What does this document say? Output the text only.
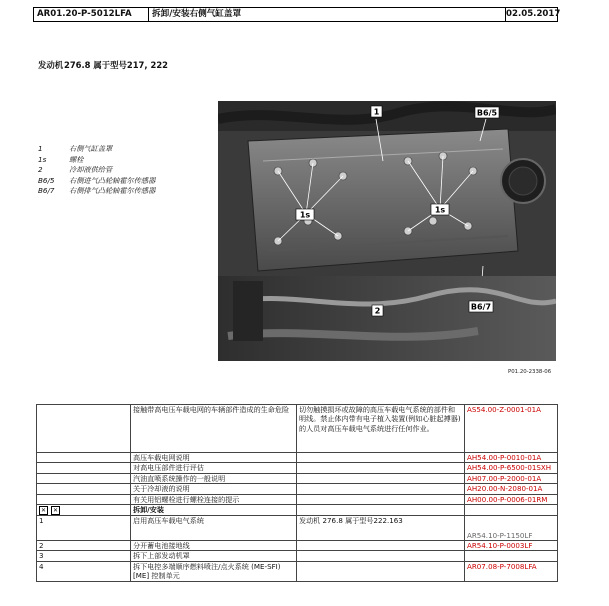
AR01.20-P-5012LFA	拆卸/安装右侧气缸盖罩	02.05.2017
发动机 276.8 属于型号217, 222
1	右侧气缸盖罩
1s	螺栓
2	冷却液供给管
B6/5	右侧进气凸轮轴霍尔传感器
B6/7	右侧排气凸轮轴霍尔传感器
1
1s
1s
2
B6/5
B6/7
P01.20-2338-06
	接触带高电压车载电网的车辆部件造成的生命危险	切勿触摸损坏或故障的高压车载电气系统的部件和明线。禁止体内带有电子植入装置(例如心脏起搏器)的人员对高压车载电气系统进行任何作业。	AS54.00-Z-0001-01A
	高压车载电网说明		AH54.00-P-0010-01A
	对高电压部件进行评估		AH54.00-P-6500-01SXH
	汽油直喷系统操作的一般说明		AH07.00-P-2000-01A
	关于冷却液的说明		AH20.00-N-2080-01A
	有关用铝螺栓进行螺栓连接的提示		AH00.00-P-0006-01RM

✕ ✕	拆卸/安装		
1	启用高压车载电气系统	发动机 276.8 属于型号222.163	AR54.10-P-1150LF
2	分开蓄电池接地线		AR54.10-P-0003LF
3	拆下上部发动机罩		
4	拆下电控多端顺序燃料喷注/点火系统 (ME-SFI) [ME] 控制单元		AR07.08-P-7008LFA
